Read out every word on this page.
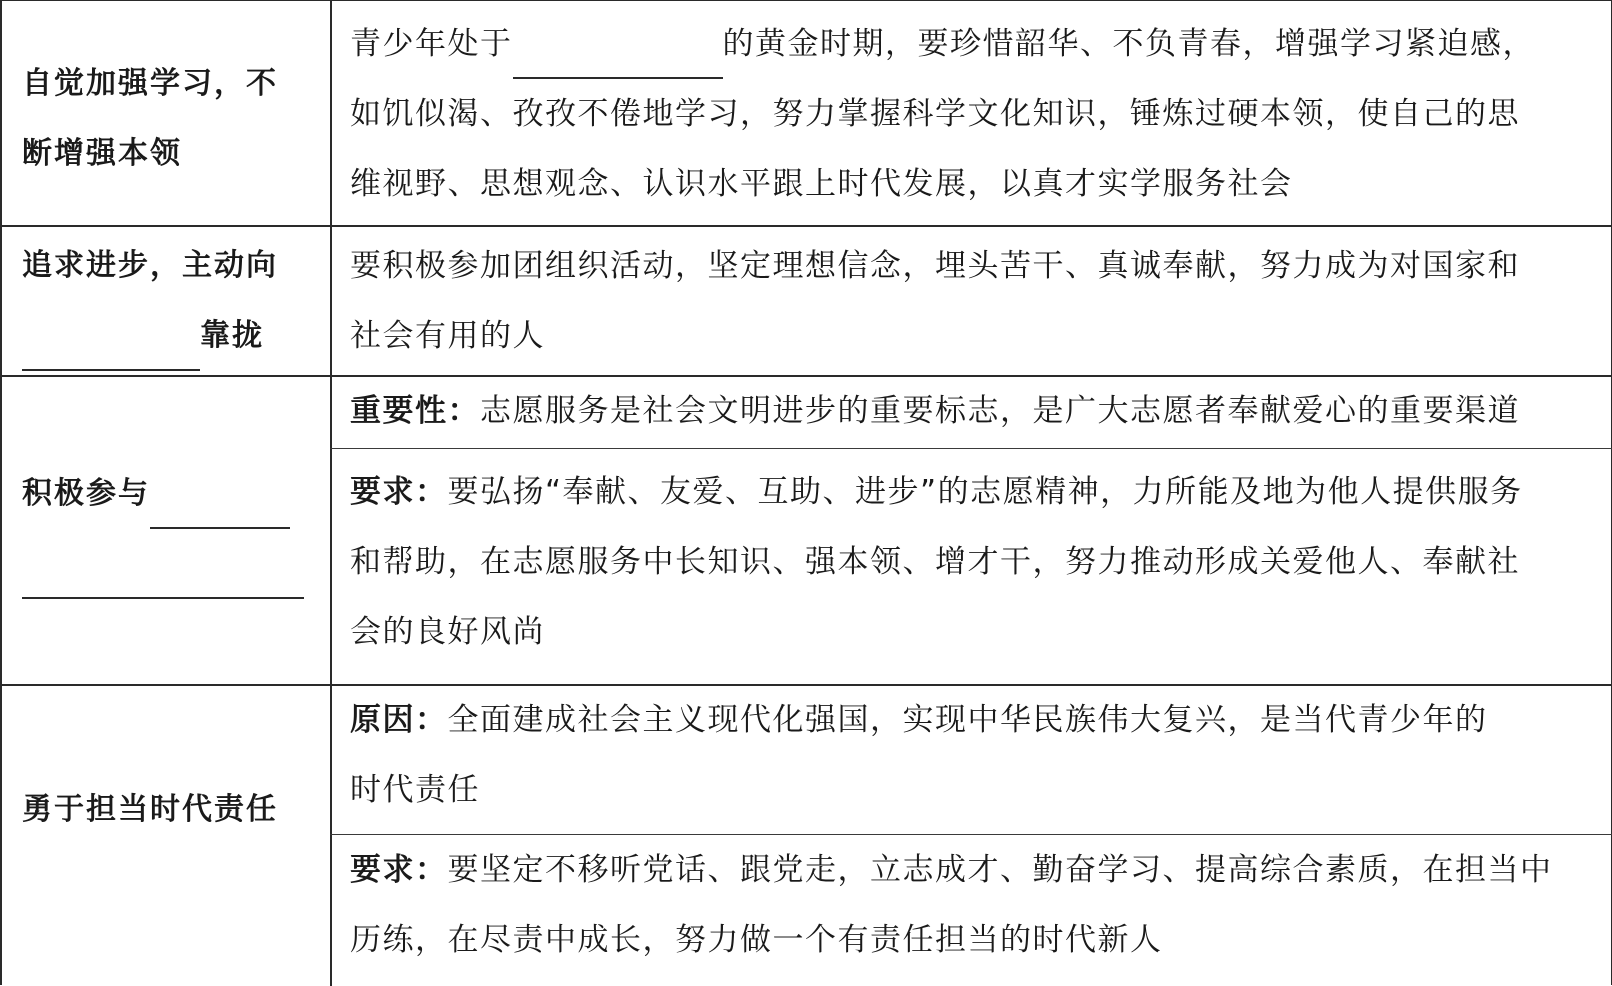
自觉加强学习，不
断增强本领
青少年处于	的黄金时期，要珍惜韶华、不负青春，增强学习紧迫感，
如饥似渴、孜孜不倦地学习，努力掌握科学文化知识，锤炼过硬本领，使自己的思
维视野、思想观念、认识水平跟上时代发展，以真才实学服务社会
追求进步，主动向
靠拢
要积极参加团组织活动，坚定理想信念，埋头苦干、真诚奉献，努力成为对国家和
社会有用的人
积极参与
重要性：志愿服务是社会文明进步的重要标志，是广大志愿者奉献爱心的重要渠道
要求：要弘扬“奉献、友爱、互助、进步”的志愿精神，力所能及地为他人提供服务
和帮助，在志愿服务中长知识、强本领、增才干，努力推动形成关爱他人、奉献社
会的良好风尚
勇于担当时代责任
原因：全面建成社会主义现代化强国，实现中华民族伟大复兴，是当代青少年的
时代责任
要求：要坚定不移听党话、跟党走，立志成才、勤奋学习、提高综合素质，在担当中
历练，在尽责中成长，努力做一个有责任担当的时代新人
